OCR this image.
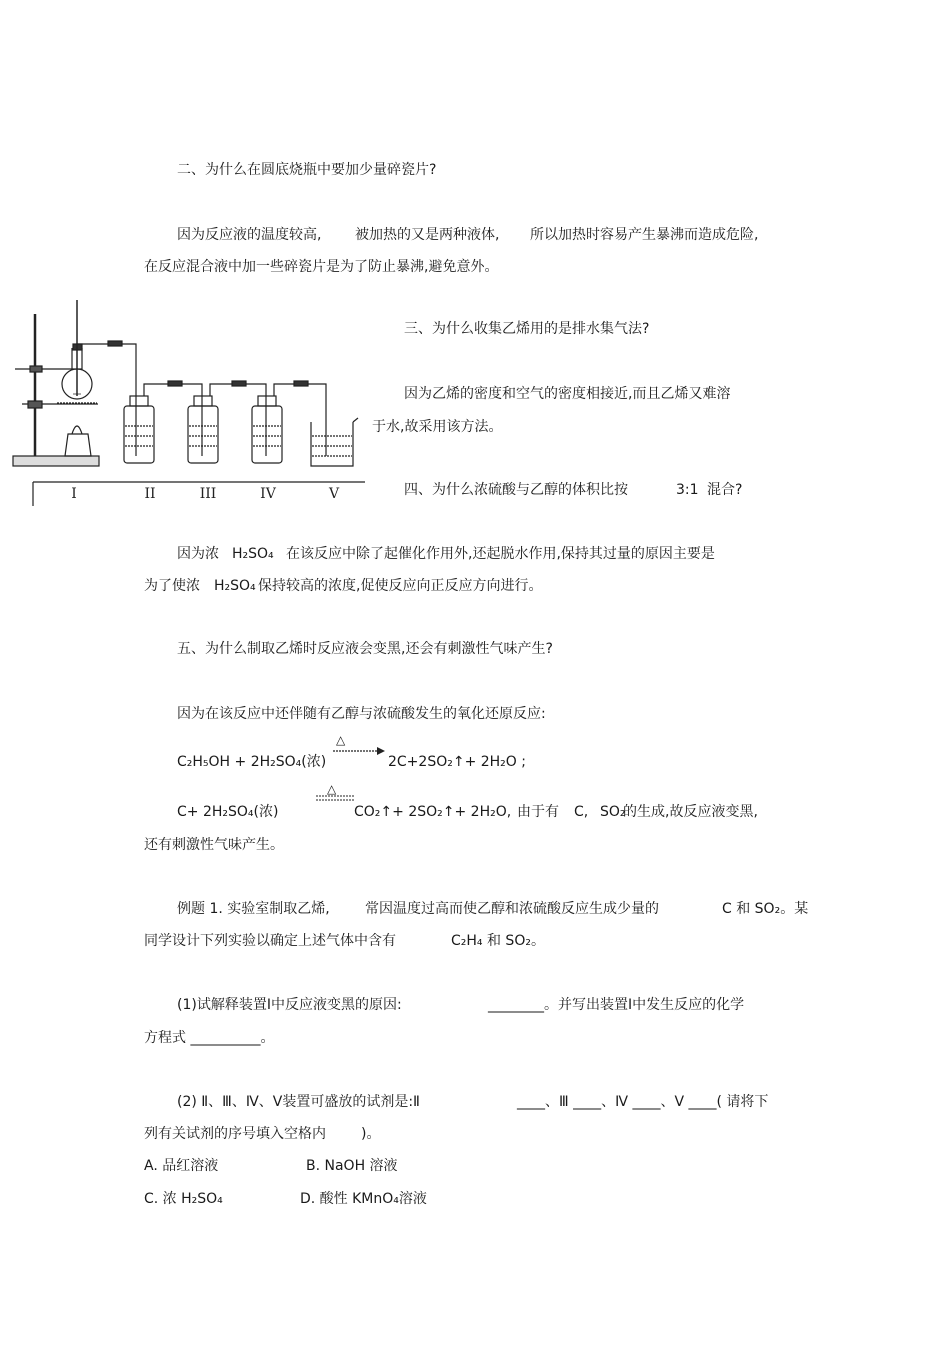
二、为什么在圆底烧瓶中要加少量碎瓷片?
因为反应液的温度较高, 被加热的又是两种液体, 所以加热时容易产生暴沸而造成危险,
在反应混合液中加一些碎瓷片是为了防止暴沸,避免意外。
I	II	III	IV	V
三、为什么收集乙烯用的是排水集气法?
因为乙烯的密度和空气的密度相接近,而且乙烯又难溶
于水,故采用该方法。
四、为什么浓硫酸与乙醇的体积比按	3:1 混合?
因为浓 H₂SO₄ 在该反应中除了起催化作用外,还起脱水作用,保持其过量的原因主要是
为了使浓 H₂SO₄ 保持较高的浓度,促使反应向正反应方向进行。
五、为什么制取乙烯时反应液会变黑,还会有刺激性气味产生?
因为在该反应中还伴随有乙醇与浓硫酸发生的氧化还原反应:
C₂H₅OH + 2H₂SO₄(浓)
△
2C+2SO₂↑+ 2H₂O ;
C+ 2H₂SO₄(浓)
△
CO₂↑+ 2SO₂↑+ 2H₂O, 由于有 C, SO₂
的生成,故反应液变黑,
还有刺激性气味产生。
例题 1. 实验室制取乙烯,	常因温度过高而使乙醇和浓硫酸反应生成少量的	C 和 SO₂。某
同学设计下列实验以确定上述气体中含有	C₂H₄ 和 SO₂。
(1)试解释装置Ⅰ中反应液变黑的原因:	________。并写出装置Ⅰ中发生反应的化学
方程式 __________。
(2) Ⅱ、Ⅲ、Ⅳ、Ⅴ装置可盛放的试剂是:Ⅱ	____、Ⅲ ____、Ⅳ ____、Ⅴ ____( 请将下
列有关试剂的序号填入空格内	)。
A. 品红溶液	B. NaOH 溶液
C. 浓 H₂SO₄	D. 酸性 KMnO₄溶液
